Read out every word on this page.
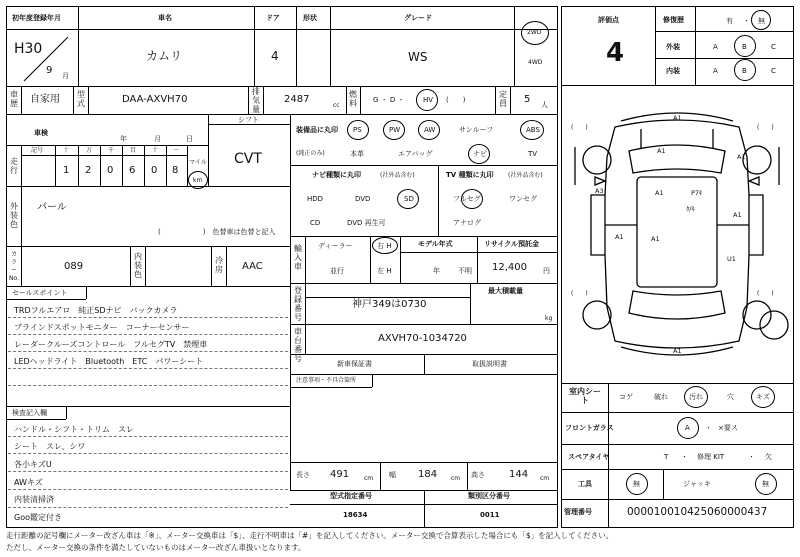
初年度登録年月
H30
9 月
車名
カムリ
ドア
4
形状	グレード
WS
2WD
4WD
車歴 自家用 型式	DAA-AXVH70
排気量
2487
cc
燃料 G ・ D ・	HV (　　)
定員 5 人
車検
年	月	日
シフト
CVT
走行
記号	十	万	千	百	十 一
1 2 0 6 0 8
マイル
km
外装色
パール
(　　　　　　)　色替車は色替と記入
カラーNo.
089
内装色
冷房 AAC
セールスポイント
TRDフルエアロ　純正SDナビ　バックカメラ
ブラインドスポットモニター　コーナーセンサー
レーダークルーズコントロール　フルセグTV　禁煙車
LEDヘッドライト　Bluetooth　ETC　パワーシート
検査記入欄
ハンドル・シフト・トリム　スレ
シート　スレ、シワ
各小キズU
AWキズ
内装清掃済
Goo鑑定付き
装備品に丸印
(純正のみ)
PS	PW	AW	サンルーフ	ABS
本革	エアバッグ	ナビ	TV
ナビ種類に丸印	(社外品含む)
HDD	DVD	SD
CD	DVD 再生可
TV 種類に丸印 (社外品含む)
フルセグ	ワンセグ
アナログ
輸入車
ディーラー
並行
右 H
左 H
モデル年式
年	不明
リサイクル預託金
12,400 円
登録番号
神戸349は0730
最大積載量
kg
車台番号
AXVH70-1034720
新車保証書	取扱説明書
注意事項・不具合箇所
長さ 491 cm 幅 184 cm 高さ 144 cm
型式指定番号
18634
類別区分番号
0011
評価点
4
修復歴	有 ・ 無
外装	A	B	C
内装	A	B	C
(　　)	(　　)
(　　)	(　　)
A1
A1
A1	P7ｷ
A1
ﾀ/ｷ
A3
A1
A1	A1
U1
A1
室内シート	コゲ	破れ	汚れ	穴	キズ
フロントガラス	A ・ ×要ス
スペアタイヤ	T ・ 修理 KIT	・ 欠
工具	無	ジャッキ	無
管理番号	000010010425060000437
走行距離の記号欄にメーター改ざん車は「※」、メーター交換車は「$」、走行不明車は「#」を記入してください。メーター交換で合算表示した場合にも「$」を記入してください。
ただし、メーター交換の条件を満たしていないものはメーター改ざん車扱いとなります。
